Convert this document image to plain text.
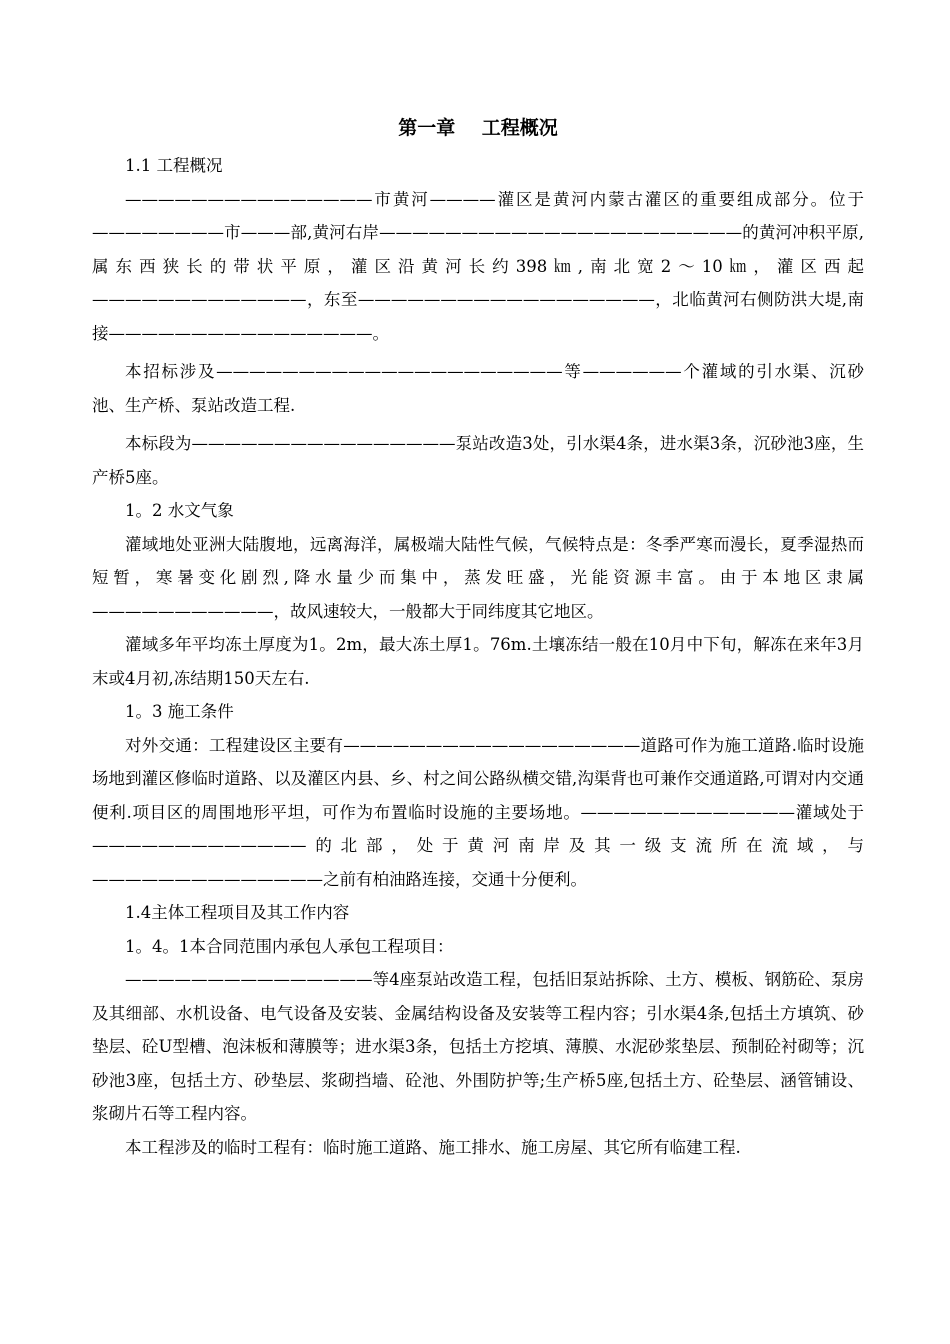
第一章    工程概况

1.1 工程概况

———————————————市黄河————灌区是黄河内蒙古灌区的重要组成部分。位于————————市———部,黄河右岸——————————————————————的黄河冲积平原,属东西狭长的带状平原，灌区沿黄河长约398㎞,南北宽2～10㎞，灌区西起—————————————，东至——————————————————，北临黄河右侧防洪大堤,南接————————————————。

本招标涉及—————————————————————等——————个灌域的引水渠、沉砂池、生产桥、泵站改造工程.

本标段为————————————————泵站改造3处，引水渠4条，进水渠3条，沉砂池3座，生产桥5座。

1。2 水文气象

灌域地处亚洲大陆腹地，远离海洋，属极端大陆性气候，气候特点是：冬季严寒而漫长，夏季湿热而短暂，寒暑变化剧烈,降水量少而集中，蒸发旺盛，光能资源丰富。由于本地区隶属———————————，故风速较大，一般都大于同纬度其它地区。

灌域多年平均冻土厚度为1。2m，最大冻土厚1。76m.土壤冻结一般在10月中下旬，解冻在来年3月末或4月初,冻结期150天左右.

1。3 施工条件

对外交通：工程建设区主要有——————————————————道路可作为施工道路.临时设施场地到灌区修临时道路、以及灌区内县、乡、村之间公路纵横交错,沟渠背也可兼作交通道路,可谓对内交通便利.项目区的周围地形平坦，可作为布置临时设施的主要场地。—————————————灌域处于—————————————的北部，处于黄河南岸及其一级支流所在流域，与——————————————之前有柏油路连接，交通十分便利。

1.4主体工程项目及其工作内容

1。4。1本合同范围内承包人承包工程项目：

———————————————等4座泵站改造工程，包括旧泵站拆除、土方、模板、钢筋砼、泵房及其细部、水机设备、电气设备及安装、金属结构设备及安装等工程内容；引水渠4条,包括土方填筑、砂垫层、砼U型槽、泡沫板和薄膜等；进水渠3条，包括土方挖填、薄膜、水泥砂浆垫层、预制砼衬砌等；沉砂池3座，包括土方、砂垫层、浆砌挡墙、砼池、外围防护等;生产桥5座,包括土方、砼垫层、涵管铺设、浆砌片石等工程内容。

本工程涉及的临时工程有：临时施工道路、施工排水、施工房屋、其它所有临建工程.
